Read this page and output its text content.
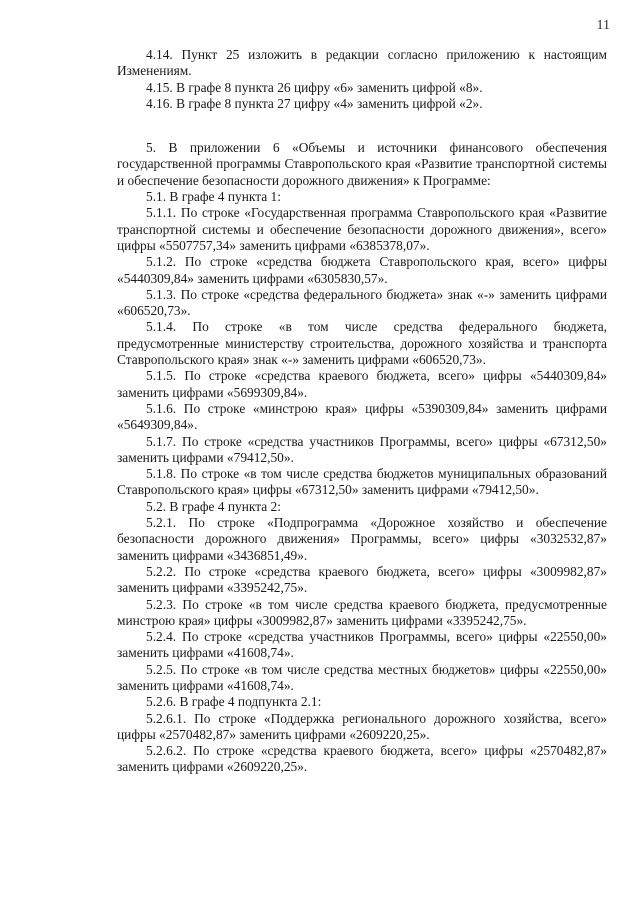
11

4.14. Пункт 25 изложить в редакции согласно приложению к настоящим Изменениям.

4.15. В графе 8 пункта 26 цифру «6» заменить цифрой «8».

4.16. В графе 8 пункта 27 цифру «4» заменить цифрой «2».

5. В приложении 6 «Объемы и источники финансового обеспечения государственной программы Ставропольского края «Развитие транспортной системы и обеспечение безопасности дорожного движения» к Программе:

5.1. В графе 4 пункта 1:

5.1.1. По строке «Государственная программа Ставропольского края «Развитие транспортной системы и обеспечение безопасности дорожного движения», всего» цифры «5507757,34» заменить цифрами «6385378,07».

5.1.2. По строке «средства бюджета Ставропольского края, всего» цифры «5440309,84» заменить цифрами «6305830,57».

5.1.3. По строке «средства федерального бюджета» знак «-» заменить цифрами «606520,73».

5.1.4. По строке «в том числе средства федерального бюджета, предусмотренные министерству строительства, дорожного хозяйства и транспорта Ставропольского края» знак «-» заменить цифрами «606520,73».

5.1.5. По строке «средства краевого бюджета, всего» цифры «5440309,84» заменить цифрами «5699309,84».

5.1.6. По строке «минстрою края» цифры «5390309,84» заменить цифрами «5649309,84».

5.1.7. По строке «средства участников Программы, всего» цифры «67312,50» заменить цифрами «79412,50».

5.1.8. По строке «в том числе средства бюджетов муниципальных образований Ставропольского края» цифры «67312,50» заменить цифрами «79412,50».

5.2. В графе 4 пункта 2:

5.2.1. По строке «Подпрограмма «Дорожное хозяйство и обеспечение безопасности дорожного движения» Программы, всего» цифры «3032532,87» заменить цифрами «3436851,49».

5.2.2. По строке «средства краевого бюджета, всего» цифры «3009982,87» заменить цифрами «3395242,75».

5.2.3. По строке «в том числе средства краевого бюджета, предусмотренные минстрою края» цифры «3009982,87» заменить цифрами «3395242,75».

5.2.4. По строке «средства участников Программы, всего» цифры «22550,00» заменить цифрами «41608,74».

5.2.5. По строке «в том числе средства местных бюджетов» цифры «22550,00» заменить цифрами «41608,74».

5.2.6. В графе 4 подпункта 2.1:

5.2.6.1. По строке «Поддержка регионального дорожного хозяйства, всего» цифры «2570482,87» заменить цифрами «2609220,25».

5.2.6.2. По строке «средства краевого бюджета, всего» цифры «2570482,87» заменить цифрами «2609220,25».
